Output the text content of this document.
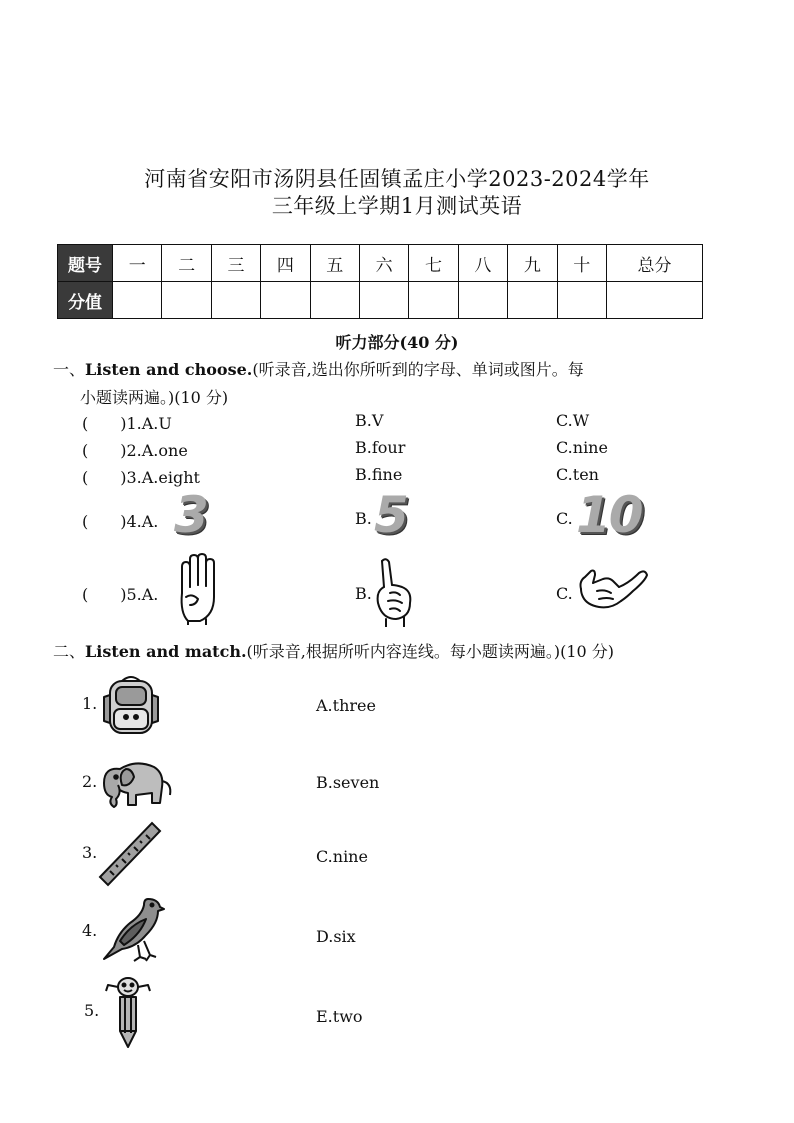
河南省安阳市汤阴县任固镇孟庄小学2023-2024学年
三年级上学期1月测试英语
题号	一	二	三	四	五	六	七	八	九	十	总分
分值											
听力部分(40 分)
一、Listen and choose.(听录音,选出你所听到的字母、单词或图片。每
小题读两遍。)(10 分)
(　　)1.A.U	B.V	C.W
(　　)2.A.one	B.four	C.nine
(　　)3.A.eight	B.fine	C.ten
(　　)4.A. 3	B. 5	C. 10
(　　)5.A.	B.	C.
二、Listen and match.(听录音,根据所听内容连线。每小题读两遍。)(10 分)
1.	A.three
2.	B.seven
3.	C.nine
4.	D.six
5.	E.two
